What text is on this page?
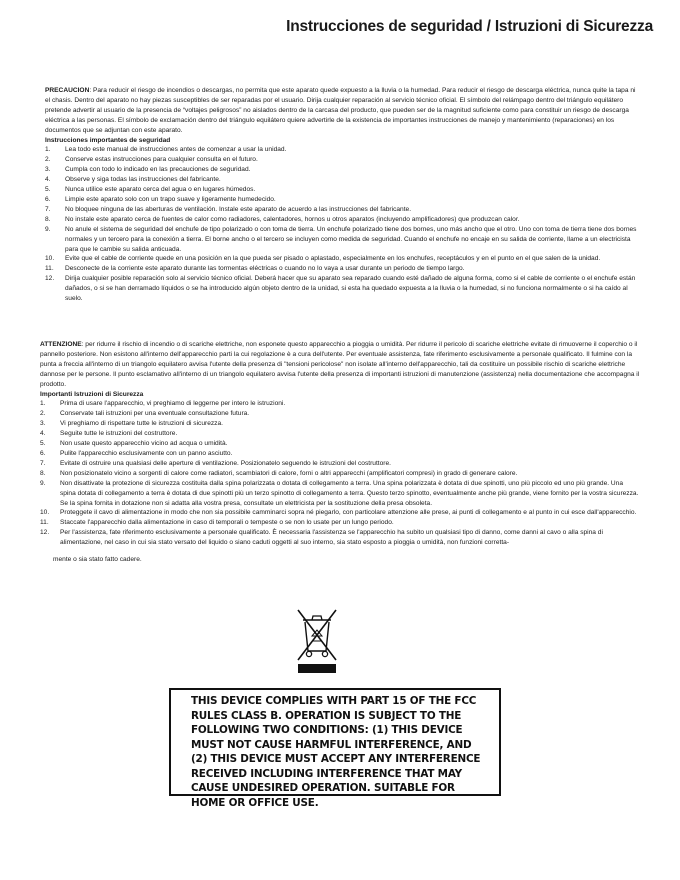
Instrucciones de seguridad / Istruzioni di Sicurezza

PRECAUCION: Para reducir el riesgo de incendios o descargas, no permita que este aparato quede expuesto a la lluvia o la humedad. Para reducir el riesgo de descarga eléctrica, nunca quite la tapa ni el chasis. Dentro del aparato no hay piezas susceptibles de ser reparadas por el usuario. Dirija cualquier reparación al servicio técnico oficial. El símbolo del relámpago dentro del triángulo equilátero pretende advertir al usuario de la presencia de “voltajes peligrosos” no aislados dentro de la carcasa del producto, que pueden ser de la magnitud suficiente como para constituir un riesgo de descarga eléctrica a las personas. El símbolo de exclamación dentro del triángulo equilátero quiere advertirle de la existencia de importantes instrucciones de manejo y mantenimiento (reparaciones) en los documentos que se adjuntan con este aparato.

Instrucciones importantes de seguridad

1.	Lea todo este manual de instrucciones antes de comenzar a usar la unidad.
2.	Conserve estas instrucciones para cualquier consulta en el futuro.
3.	Cumpla con todo lo indicado en las precauciones de seguridad.
4.	Observe y siga todas las instrucciones del fabricante.
5.	Nunca utilice este aparato cerca del agua o en lugares húmedos.
6.	Limpie este aparato solo con un trapo suave y ligeramente humedecido.
7.	No bloquee ninguna de las aberturas de ventilación. Instale este aparato de acuerdo a las instrucciones del fabricante.
8.	No instale este aparato cerca de fuentes de calor como radiadores, calentadores, hornos u otros aparatos (incluyendo amplificadores) que produzcan calor.
9.	No anule el sistema de seguridad del enchufe de tipo polarizado o con toma de tierra. Un enchufe polarizado tiene dos bornes, uno más ancho que el otro. Uno con toma de tierra tiene dos bornes normales y un tercero para la conexión a tierra. El borne ancho o el tercero se incluyen como medida de seguridad. Cuando el enchufe no encaje en su salida de corriente, llame a un electricista para que le cambie su salida anticuada.
10.	Evite que el cable de corriente quede en una posición en la que pueda ser pisado o aplastado, especialmente en los enchufes, receptáculos y en el punto en el que salen de la unidad.
11.	Desconecte de la corriente este aparato durante las tormentas eléctricas o cuando no lo vaya a usar durante un periodo de tiempo largo.
12.	Dirija cualquier posible reparación solo al servicio técnico oficial. Deberá hacer que su aparato sea reparado cuando esté dañado de alguna forma, como si el cable de corriente o el enchufe están dañados, o si se han derramado líquidos o se ha introducido algún objeto dentro de la unidad, si esta ha quedado expuesta a la lluvia o la humedad, si no funciona normalmente o si ha caído al suelo.

ATTENZIONE: per ridurre il rischio di incendio o di scariche elettriche, non esponete questo apparecchio a pioggia o umidità. Per ridurre il pericolo di scariche elettriche evitate di rimuoverne il coperchio o il pannello posteriore. Non esistono all'interno dell'apparecchio parti la cui regolazione è a cura dell'utente. Per eventuale assistenza, fate riferimento esclusivamente a personale qualificato. Il fulmine con la punta a freccia all'interno di un triangolo equilatero avvisa l'utente della presenza di "tensioni pericolose" non isolate all'interno dell'apparecchio, tali da costituire un possibile rischio di scariche elettriche dannose per le persone. Il punto esclamativo all'interno di un triangolo equilatero avvisa l'utente della presenza di importanti istruzioni di manutenzione (assistenza) nella documentazione che accompagna il prodotto.

Importanti Istruzioni di Sicurezza

1.	Prima di usare l'apparecchio, vi preghiamo di leggerne per intero le istruzioni.
2.	Conservate tali istruzioni per una eventuale consultazione futura.
3.	Vi preghiamo di rispettare tutte le istruzioni di sicurezza.
4.	Seguite tutte le istruzioni del costruttore.
5.	Non usate questo apparecchio vicino ad acqua o umidità.
6.	Pulite l'apparecchio esclusivamente con un panno asciutto.
7.	Evitate di ostruire una qualsiasi delle aperture di ventilazione. Posizionatelo seguendo le istruzioni del costruttore.
8.	Non posizionatelo vicino a sorgenti di calore come radiatori, scambiatori di calore, forni o altri apparecchi (amplificatori compresi) in grado di generare calore.
9.	Non disattivate la protezione di sicurezza costituita dalla spina polarizzata o dotata di collegamento a terra. Una spina polarizzata è dotata di due spinotti, uno più piccolo ed uno più grande. Una spina dotata di collegamento a terra è dotata di due spinotti più un terzo spinotto di collegamento a terra. Questo terzo spinotto, eventualmente anche più grande, viene fornito per la vostra sicurezza. Se la spina fornita in dotazione non si adatta alla vostra presa, consultate un elettricista per la sostituzione della presa obsoleta.
10.	Proteggete il cavo di alimentazione in modo che non sia possibile camminarci sopra né piegarlo, con particolare attenzione alle prese, ai punti di collegamento e al punto in cui esce dall'apparecchio.
11.	Staccate l'apparecchio dalla alimentazione in caso di temporali o tempeste o se non lo usate per un lungo periodo.
12.	Per l'assistenza, fate riferimento esclusivamente a personale qualificato. È necessaria l'assistenza se l'apparecchio ha subito un qualsiasi tipo di danno, come danni al cavo o alla spina di alimentazione, nel caso in cui sia stato versato del liquido o siano caduti oggetti al suo interno, sia stato esposto a pioggia o umidità, non funzioni corretta-

mente o sia stato fatto cadere.

THIS DEVICE COMPLIES WITH PART 15 OF THE FCC RULES CLASS B. OPERATION IS SUBJECT TO THE FOLLOWING TWO CONDITIONS: (1) THIS DEVICE MUST NOT CAUSE HARMFUL INTERFERENCE, AND (2) THIS DEVICE MUST ACCEPT ANY INTERFERENCE RECEIVED INCLUDING INTERFERENCE THAT MAY CAUSE UNDESIRED OPERATION. SUITABLE FOR HOME OR OFFICE USE.
